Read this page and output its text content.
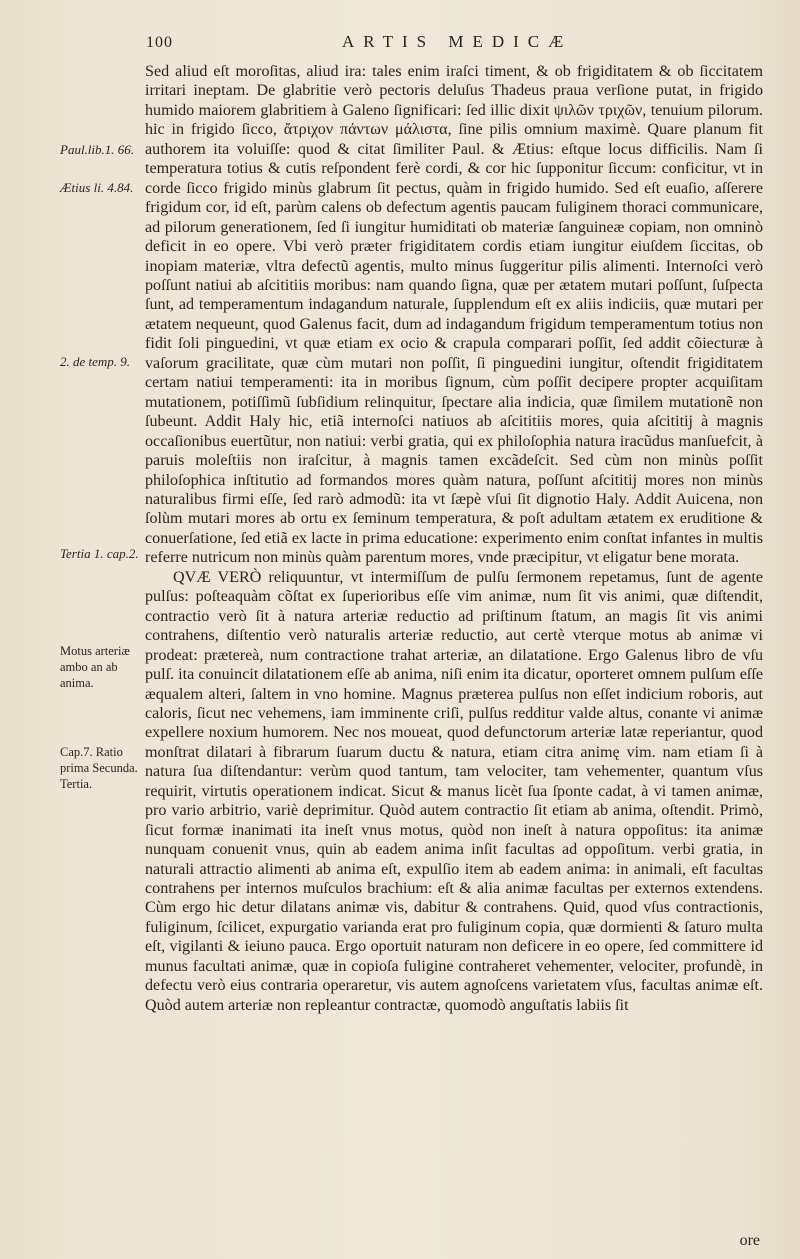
100	ARTIS MEDICÆ
Paul.lib.1. 66.
Ætius li. 4.84.
2. de temp. 9.
Tertia 1. cap.2.
Motus arteriæ ambo an ab anima.
Cap.7. Ratio prima Secunda. Tertia.

Sed aliud eſt moroſitas, aliud ira: tales enim iraſci timent, & ob frigiditatem & ob ſiccitatem irritari ineptam. De glabritie verò pectoris deluſus Thadeus praua verſione putat, in frigido humido maiorem glabritiem à Galeno ſignificari: ſed illic dixit ψιλῶν τριχῶν, tenuium pilorum. hic in frigido ſicco, ἄτριχον πάντων μάλιστα, ſine pilis omnium maximè. Quare planum fit authorem ita voluiſſe: quod & citat ſimiliter Paul. & Ætius: eſtque locus difficilis. Nam ſi temperatura totius & cutis reſpondent ferè cordi, & cor hic ſupponitur ſiccum: conficitur, vt in corde ſicco frigido minùs glabrum ſit pectus, quàm in frigido humido. Sed eſt euaſio, aſſerere frigidum cor, id eſt, parùm calens ob defectum agentis paucam fuliginem thoraci communicare, ad pilorum generationem, ſed ſi iungitur humiditati ob materiæ ſanguineæ copiam, non omninò deficit in eo opere. Vbi verò præter frigiditatem cordis etiam iungitur eiuſdem ſiccitas, ob inopiam materiæ, vltra defectũ agentis, multo minus ſuggeritur pilis alimenti. Internoſci verò poſſunt natiui ab aſcititiis moribus: nam quando ſigna, quæ per ætatem mutari poſſunt, ſuſpecta ſunt, ad temperamentum indagandum naturale, ſupplendum eſt ex aliis indiciis, quæ mutari per ætatem nequeunt, quod Galenus facit, dum ad indagandum frigidum temperamentum totius non fidit ſoli pinguedini, vt quæ etiam ex ocio & crapula comparari poſſit, ſed addit cõiecturæ à vaſorum gracilitate, quæ cùm mutari non poſſit, ſi pinguedini iungitur, oſtendit frigiditatem certam natiui temperamenti: ita in moribus ſignum, cùm poſſit decipere propter acquiſitam mutationem, potiſſimũ ſubſidium relinquitur, ſpectare alia indicia, quæ ſimilem mutationẽ non ſubeunt. Addit Haly hic, etiã internoſci natiuos ab aſcititiis mores, quia aſcititij à magnis occaſionibus euertũtur, non natiui: verbi gratia, qui ex philoſophia natura iracũdus manſuefcit, à paruis moleſtiis non iraſcitur, à magnis tamen excãdeſcit. Sed cùm non minùs poſſit philoſophica inſtitutio ad formandos mores quàm natura, poſſunt aſcititij mores non minùs naturalibus firmi eſſe, ſed rarò admodũ: ita vt ſæpè vſui ſit dignotio Haly. Addit Auicena, non ſolùm mutari mores ab ortu ex ſeminum temperatura, & poſt adultam ætatem ex eruditione & conuerſatione, ſed etiã ex lacte in prima educatione: experimento enim conſtat infantes in multis referre nutricum non minùs quàm parentum mores, vnde præcipitur, vt eligatur bene morata.

QVÆ VERÒ reliquuntur, vt intermiſſum de pulſu ſermonem repetamus, ſunt de agente pulſus: poſteaquàm cõſtat ex ſuperioribus eſſe vim animæ, num ſit vis animi, quæ diſtendit, contractio verò ſit à natura arteriæ reductio ad priſtinum ſtatum, an magis ſit vis animi contrahens, diſtentio verò naturalis arteriæ reductio, aut certè vterque motus ab animæ vi prodeat: prætereà, num contractione trahat arteriæ, an dilatatione. Ergo Galenus libro de vſu pulſ. ita conuincit dilatationem eſſe ab anima, niſi enim ita dicatur, oporteret omnem pulſum eſſe æqualem alteri, ſaltem in vno homine. Magnus præterea pulſus non eſſet indicium roboris, aut caloris, ſicut nec vehemens, iam imminente criſi, pulſus redditur valde altus, conante vi animæ expellere noxium humorem. Nec nos moueat, quod defunctorum arteriæ latæ reperiantur, quod monſtrat dilatari à fibrarum ſuarum ductu & natura, etiam citra animę vim. nam etiam ſi à natura ſua diſtendantur: verùm quod tantum, tam velociter, tam vehementer, quantum vſus requirit, virtutis operationem indicat. Sicut & manus licèt ſua ſponte cadat, à vi tamen animæ, pro vario arbitrio, variè deprimitur. Quòd autem contractio ſit etiam ab anima, oſtendit. Primò, ſicut formæ inanimati ita ineſt vnus motus, quòd non ineſt à natura oppoſitus: ita animæ nunquam conuenit vnus, quin ab eadem anima inſit facultas ad oppoſitum. verbi gratia, in naturali attractio alimenti ab anima eſt, expulſio item ab eadem anima: in animali, eſt facultas contrahens per internos muſculos brachium: eſt & alia animæ facultas per externos extendens. Cùm ergo hic detur dilatans animæ vis, dabitur & contrahens. Quid, quod vſus contractionis, fuliginum, ſcilicet, expurgatio varianda erat pro fuliginum copia, quæ dormienti & ſaturo multa eſt, vigilanti & ieiuno pauca. Ergo oportuit naturam non deficere in eo opere, ſed committere id munus facultati animæ, quæ in copioſa fuligine contraheret vehementer, velociter, profundè, in defectu verò eius contraria operaretur, vis autem agnoſcens varietatem vſus, facultas animæ eſt. Quòd autem arteriæ non repleantur contractæ, quomodò anguſtatis labiis ſit

ore
